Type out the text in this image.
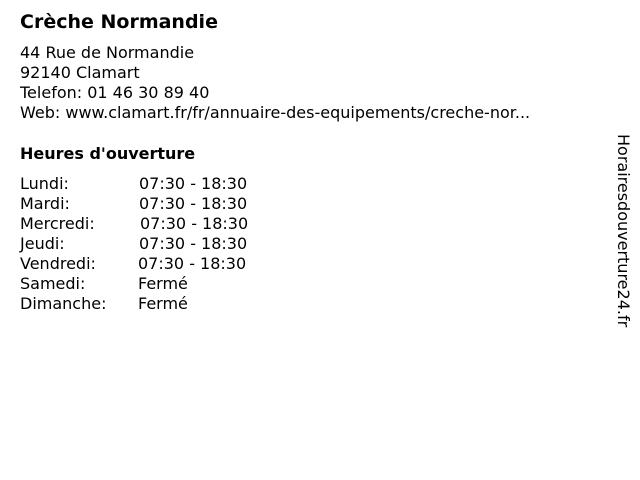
Crèche Normandie
44 Rue de Normandie
92140 Clamart
Telefon: 01 46 30 89 40
Web: www.clamart.fr/fr/annuaire-des-equipements/creche-nor...
Heures d'ouverture
Lundi:	07:30 - 18:30
Mardi:	07:30 - 18:30
Mercredi:	07:30 - 18:30
Jeudi:	07:30 - 18:30
Vendredi:	07:30 - 18:30
Samedi:	Fermé
Dimanche: Fermé	Horairesdouverture24.fr
